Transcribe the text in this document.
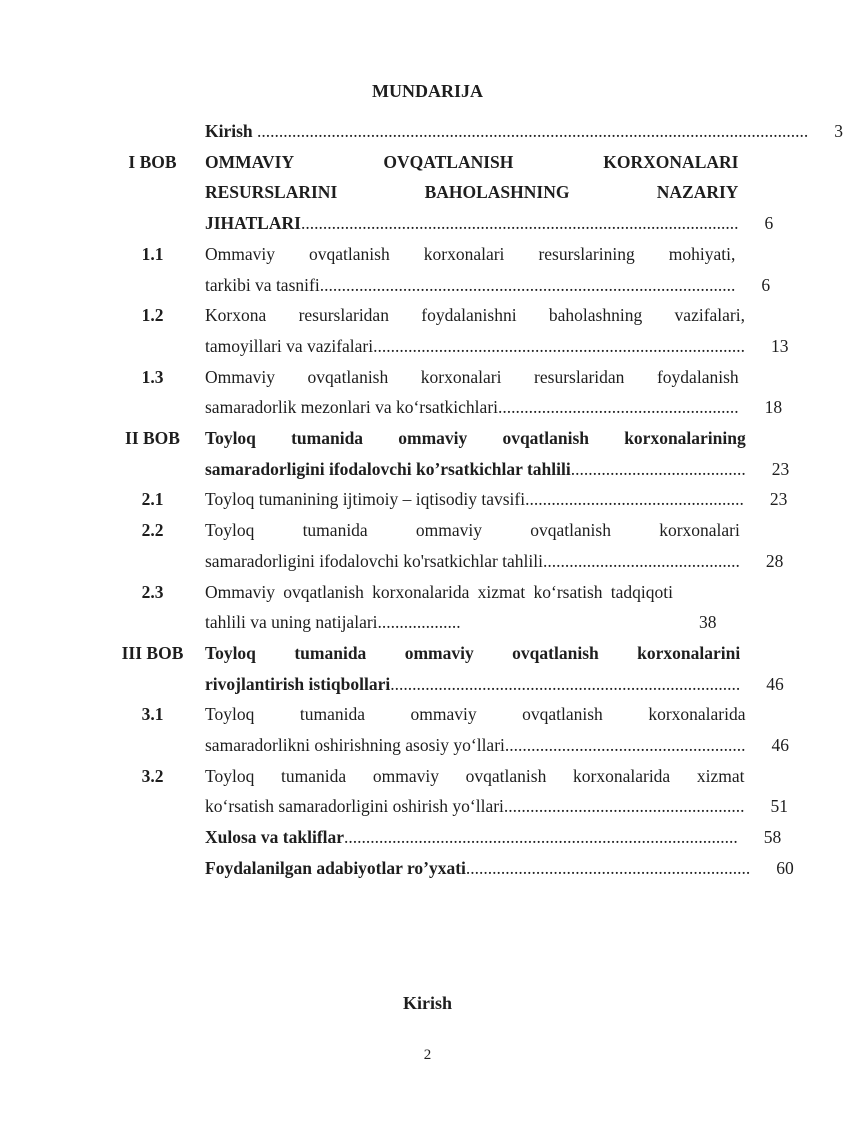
MUNDARIJA
Kirish ..............................................................................................................................	3
I BOB	OMMAVIY OVQATLANISH KORXONALARI
RESURSLARINI BAHOLASHNING NAZARIY
JIHATLARI....................................................................................................	6
1.1	Ommaviy ovqatlanish korxonalari resurslarining mohiyati,
tarkibi va tasnifi...............................................................................................	6
1.2	Korxona resurslaridan foydalanishni baholashning vazifalari,
tamoyillari va vazifalari.....................................................................................	13
1.3	Ommaviy ovqatlanish korxonalari resurslaridan foydalanish
samaradorlik mezonlari va ko‘rsatkichlari.......................................................	18
II BOB	Toyloq tumanida ommaviy ovqatlanish korxonalarining
samaradorligini ifodalovchi ko’rsatkichlar tahlili........................................	23
2.1	Toyloq tumanining ijtimoiy – iqtisodiy tavsifi..................................................	23
2.2	Toyloq tumanida ommaviy ovqatlanish korxonalari
samaradorligini ifodalovchi ko'rsatkichlar tahlili.............................................	28
2.3	Ommaviy ovqatlanish korxonalarida xizmat ko‘rsatish tadqiqoti
tahlili va uning natijalari...................	38
III BOB	Toyloq tumanida ommaviy ovqatlanish korxonalarini
rivojlantirish istiqbollari................................................................................	46
3.1	Toyloq tumanida ommaviy ovqatlanish korxonalarida
samaradorlikni oshirishning asosiy yo‘llari.......................................................	46
3.2	Toyloq tumanida ommaviy ovqatlanish korxonalarida xizmat
ko‘rsatish samaradorligini oshirish yo‘llari.......................................................	51
Xulosa va takliflar..........................................................................................	58
Foydalanilgan adabiyotlar ro’yxati.................................................................	60
Kirish
2
